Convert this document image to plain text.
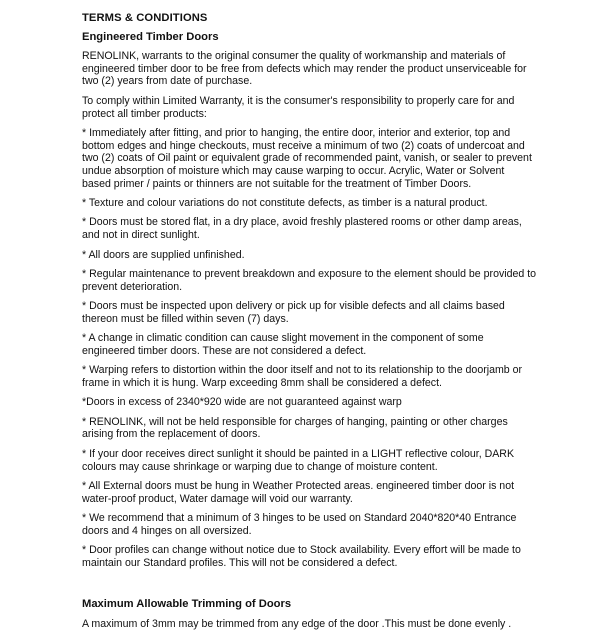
TERMS & CONDITIONS
Engineered Timber Doors
RENOLINK, warrants to the original consumer the quality of workmanship and materials of
engineered timber door to be free from defects which may render the product unserviceable for
two (2) years from date of purchase.
To comply within Limited Warranty, it is the consumer's responsibility to properly care for and
protect all timber products:
* Immediately after fitting, and prior to hanging, the entire door, interior and exterior, top and
bottom edges and hinge checkouts, must receive a minimum of two (2) coats of undercoat and
two (2) coats of Oil paint or equivalent grade of recommended paint, vanish, or sealer to prevent
undue absorption of moisture which may cause warping to occur. Acrylic, Water or Solvent
based primer / paints or thinners are not suitable for the treatment of Timber Doors.
* Texture and colour variations do not constitute defects, as timber is a natural product.
* Doors must be stored flat, in a dry place, avoid freshly plastered rooms or other damp areas,
and not in direct sunlight.
* All doors are supplied unfinished.
* Regular maintenance to prevent breakdown and exposure to the element should be provided to
prevent deterioration.
* Doors must be inspected upon delivery or pick up for visible defects and all claims based
thereon must be filled within seven (7) days.
* A change in climatic condition can cause slight movement in the component of some
engineered timber doors. These are not considered a defect.
* Warping refers to distortion within the door itself and not to its relationship to the doorjamb or
frame in which it is hung. Warp exceeding 8mm shall be considered a defect.
*Doors in excess of 2340*920 wide are not guaranteed against warp
* RENOLINK, will not be held responsible for charges of hanging, painting or other charges
arising from the replacement of doors.
* If your door receives direct sunlight it should be painted in a LIGHT reflective colour, DARK
colours may cause shrinkage or warping due to change of moisture content.
* All External doors must be hung in Weather Protected areas. engineered timber door is not
water-proof product, Water damage will void our warranty.
* We recommend that a minimum of 3 hinges to be used on Standard 2040*820*40 Entrance
doors and 4 hinges on all oversized.
* Door profiles can change without notice due to Stock availability. Every effort will be made to
maintain our Standard profiles. This will not be considered a defect.
Maximum Allowable Trimming of Doors
A maximum of 3mm may be trimmed from any edge of the door .This must be done evenly .
